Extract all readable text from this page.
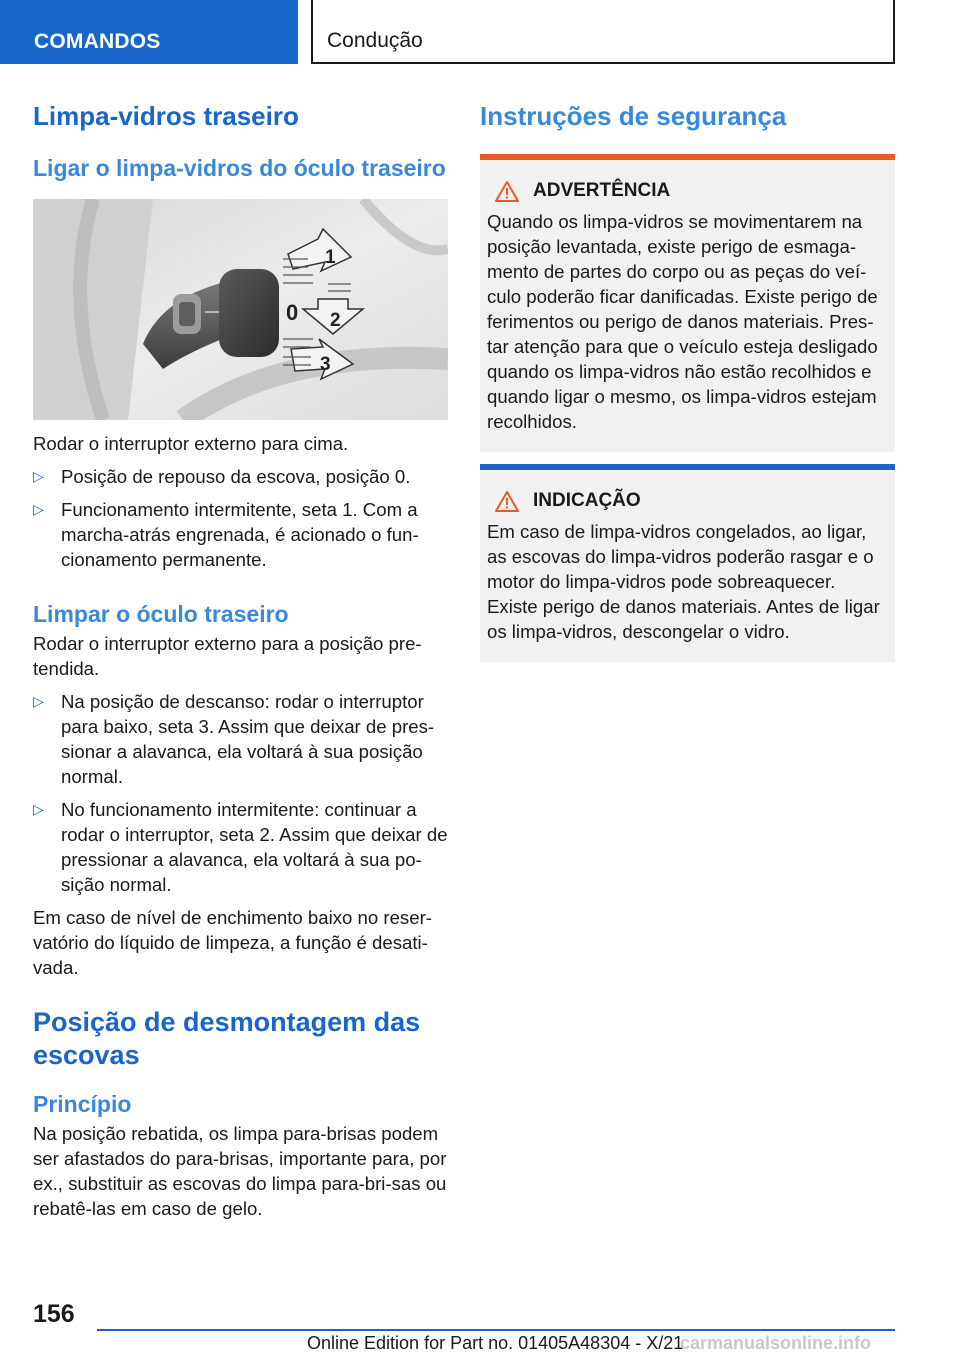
COMANDOS	Condução
Limpa-vidros traseiro
Ligar o limpa-vidros do óculo traseiro
1
0 2
3

Rodar o interruptor externo para cima.

▷ Posição de repouso da escova, posição 0.
▷ Funcionamento intermitente, seta 1. Com a marcha-atrás engrenada, é acionado o fun-cionamento permanente.
Limpar o óculo traseiro

Rodar o interruptor externo para a posição pre-tendida.

▷ Na posição de descanso: rodar o interruptor para baixo, seta 3. Assim que deixar de pres-sionar a alavanca, ela voltará à sua posição normal.
▷ No funcionamento intermitente: continuar a rodar o interruptor, seta 2. Assim que deixar de pressionar a alavanca, ela voltará à sua po-sição normal.

Em caso de nível de enchimento baixo no reser-vatório do líquido de limpeza, a função é desati-vada.

Posição de desmontagem das escovas
Princípio

Na posição rebatida, os limpa para-brisas podem ser afastados do para-brisas, importante para, por ex., substituir as escovas do limpa para-bri-sas ou rebatê-las em caso de gelo.

Instruções de segurança
ADVERTÊNCIA

Quando os limpa-vidros se movimentarem na posição levantada, existe perigo de esmaga-mento de partes do corpo ou as peças do veí-culo poderão ficar danificadas. Existe perigo de ferimentos ou perigo de danos materiais. Pres-tar atenção para que o veículo esteja desligado quando os limpa-vidros não estão recolhidos e quando ligar o mesmo, os limpa-vidros estejam recolhidos.

INDICAÇÃO

Em caso de limpa-vidros congelados, ao ligar, as escovas do limpa-vidros poderão rasgar e o motor do limpa-vidros pode sobreaquecer. Existe perigo de danos materiais. Antes de ligar os limpa-vidros, descongelar o vidro.

156
Online Edition for Part no. 01405A48304 - X/21
carmanualsonline.info
